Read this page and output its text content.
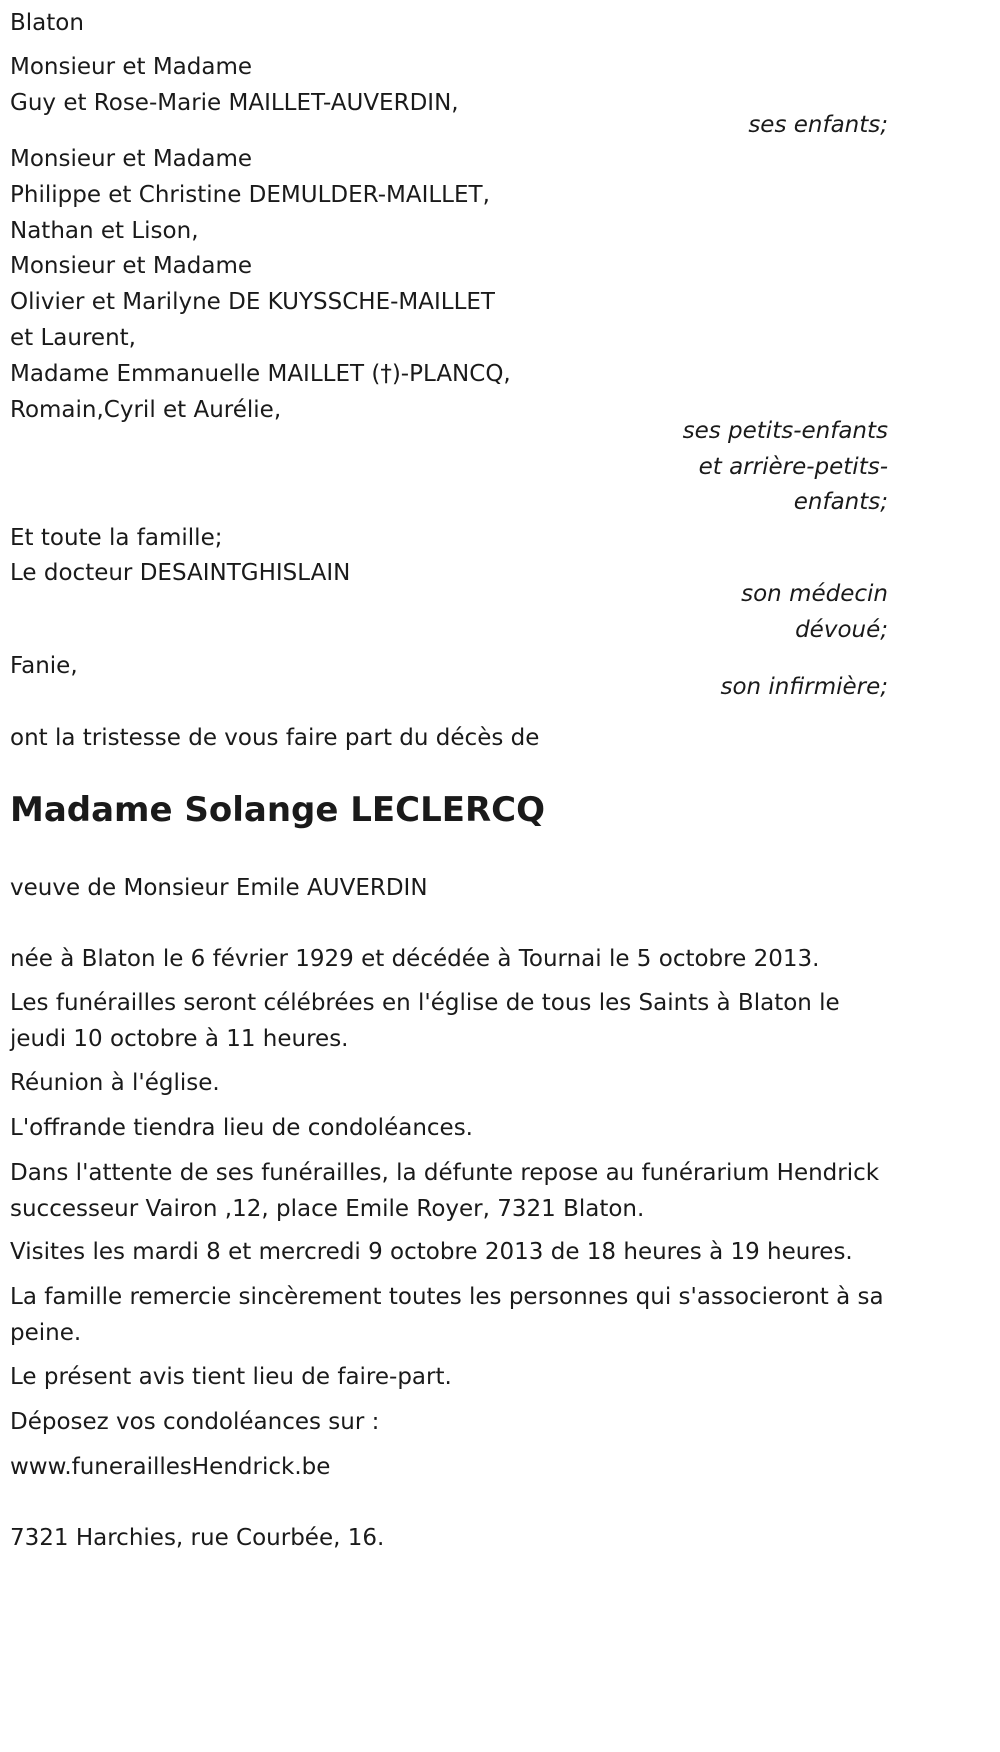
Blaton
Monsieur et Madame
Guy et Rose-Marie MAILLET-AUVERDIN,
ses enfants;
Monsieur et Madame
Philippe et Christine DEMULDER-MAILLET,
Nathan et Lison,
Monsieur et Madame
Olivier et Marilyne DE KUYSSCHE-MAILLET
et Laurent,
Madame Emmanuelle MAILLET (†)-PLANCQ,
Romain,Cyril et Aurélie,
ses petits-enfants
et arrière-petits-
enfants;
Et toute la famille;
Le docteur DESAINTGHISLAIN
son médecin
dévoué;
Fanie,
son infirmière;
ont la tristesse de vous faire part du décès de
Madame Solange LECLERCQ
veuve de Monsieur Emile AUVERDIN
née à Blaton le 6 février 1929 et décédée à Tournai le 5 octobre 2013.
Les funérailles seront célébrées en l'église de tous les Saints à Blaton le jeudi 10 octobre à 11 heures.
Réunion à l'église.
L'offrande tiendra lieu de condoléances.
Dans l'attente de ses funérailles, la défunte repose au funérarium Hendrick successeur Vairon ,12, place Emile Royer, 7321 Blaton.
Visites les mardi 8 et mercredi 9 octobre 2013 de 18 heures à 19 heures.
La famille remercie sincèrement toutes les personnes qui s'associeront à sa peine.
Le présent avis tient lieu de faire-part.
Déposez vos condoléances sur :
www.funeraillesHendrick.be
7321 Harchies, rue Courbée, 16.
